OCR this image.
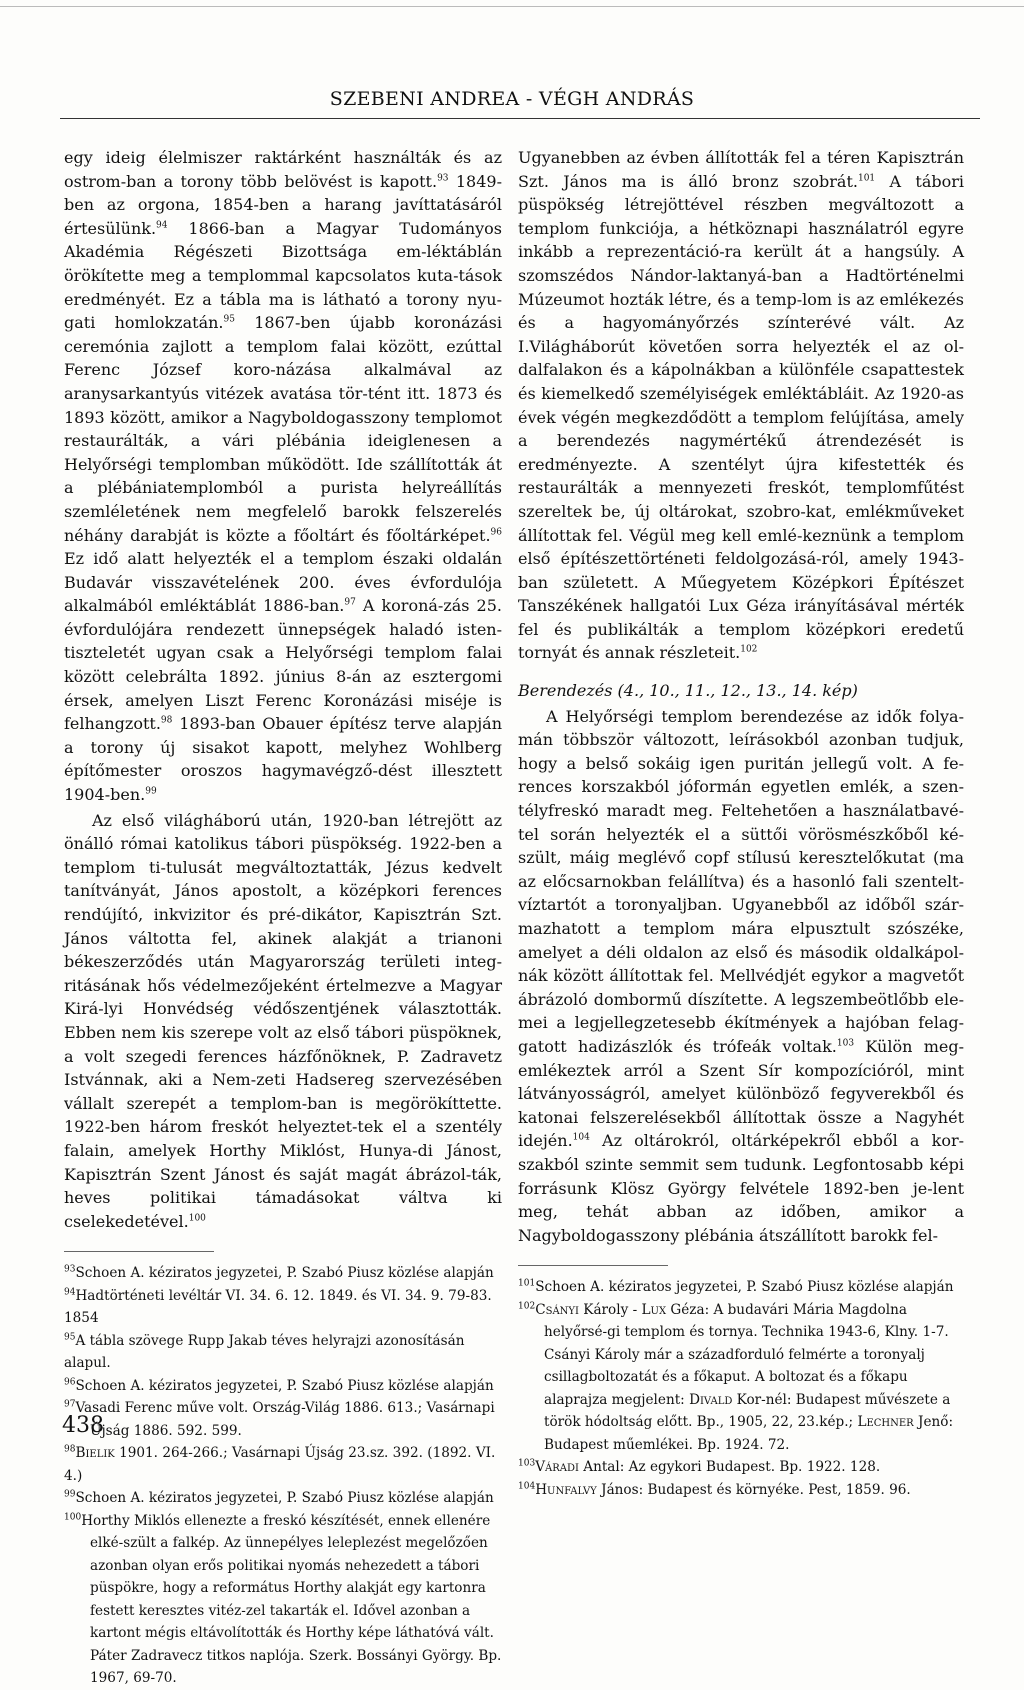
SZEBENI ANDREA - VÉGH ANDRÁS

egy ideig élelmiszer raktárként használták és az ostrom-ban a torony több belövést is kapott.$^{93}$ 1849-ben az orgona, 1854-ben a harang javíttatásáról értesülünk.$^{94}$ 1866-ban a Magyar Tudományos Akadémia Régészeti Bizottsága em-léktáblán örökítette meg a templommal kapcsolatos kuta-tások eredményét. Ez a tábla ma is látható a torony nyu-gati homlokzatán.$^{95}$ 1867-ben újabb koronázási ceremónia zajlott a templom falai között, ezúttal Ferenc József koro-názása alkalmával az aranysarkantyús vitézek avatása tör-tént itt. 1873 és 1893 között, amikor a Nagyboldogasszony templomot restaurálták, a vári plébánia ideiglenesen a Helyőrségi templomban működött. Ide szállították át a plébániatemplomból a purista helyreállítás szemléletének nem megfelelő barokk felszerelés néhány darabját is közte a főoltárt és főoltárképet.$^{96}$ Ez idő alatt helyezték el a templom északi oldalán Budavár visszavételének 200. éves évfordulója alkalmából emléktáblát 1886-ban.$^{97}$ A koroná-zás 25. évfordulójára rendezett ünnepségek haladó isten-tiszteletét ugyan csak a Helyőrségi templom falai között celebrálta 1892. június 8-án az esztergomi érsek, amelyen Liszt Ferenc Koronázási miséje is felhangzott.$^{98}$ 1893-ban Obauer építész terve alapján a torony új sisakot kapott, melyhez Wohlberg építőmester oroszos hagymavégző-dést illesztett 1904-ben.$^{99}$

Az első világháború után, 1920-ban létrejött az önálló római katolikus tábori püspökség. 1922-ben a templom ti-tulusát megváltoztatták, Jézus kedvelt tanítványát, János apostolt, a középkori ferences rendújító, inkvizitor és pré-dikátor, Kapisztrán Szt. János váltotta fel, akinek alakját a trianoni békeszerződés után Magyarország területi integ-ritásának hős védelmezőjeként értelmezve a Magyar Kirá-lyi Honvédség védőszentjének választották. Ebben nem kis szerepe volt az első tábori püspöknek, a volt szegedi ferences házfőnöknek, P. Zadravetz Istvánnak, aki a Nem-zeti Hadsereg szervezésében vállalt szerepét a templom-ban is megörökíttette. 1922-ben három freskót helyeztet-tek el a szentély falain, amelyek Horthy Miklóst, Hunya-di Jánost, Kapisztrán Szent Jánost és saját magát ábrázol-ták, heves politikai támadásokat váltva ki cselekedetével.$^{100}$

$^{93}$Schoen A. kéziratos jegyzetei, P. Szabó Piusz közlése alapján
$^{94}$Hadtörténeti levéltár VI. 34. 6. 12. 1849. és VI. 34. 9. 79-83. 1854
$^{95}$A tábla szövege Rupp Jakab téves helyrajzi azonosításán alapul.
$^{96}$Schoen A. kéziratos jegyzetei, P. Szabó Piusz közlése alapján
$^{97}$Vasadi Ferenc műve volt. Ország-Világ 1886. 613.; Vasárnapi Újság 1886. 592. 599.
$^{98}$Bielik 1901. 264-266.; Vasárnapi Újság 23.sz. 392. (1892. VI. 4.)
$^{99}$Schoen A. kéziratos jegyzetei, P. Szabó Piusz közlése alapján
$^{100}$Horthy Miklós ellenezte a freskó készítését, ennek ellenére elké-szült a falkép. Az ünnepélyes leleplezést megelőzően azonban olyan erős politikai nyomás nehezedett a tábori püspökre, hogy a református Horthy alakját egy kartonra festett keresztes vitéz-zel takarták el. Idővel azonban a kartont mégis eltávolították és Horthy képe láthatóvá vált. Páter Zadravecz titkos naplója. Szerk. Bossányi György. Bp. 1967, 69-70.

Ugyanebben az évben állították fel a téren Kapisztrán Szt. János ma is álló bronz szobrát.$^{101}$ A tábori püspökség létrejöttével részben megváltozott a templom funkciója, a hétköznapi használatról egyre inkább a reprezentáció-ra került át a hangsúly. A szomszédos Nándor-laktanyá-ban a Hadtörténelmi Múzeumot hozták létre, és a temp-lom is az emlékezés és a hagyományőrzés színterévé vált. Az I.Világháborút követően sorra helyezték el az ol-dalfalakon és a kápolnákban a különféle csapattestek és kiemelkedő személyiségek emléktábláit. Az 1920-as évek végén megkezdődött a templom felújítása, amely a berendezés nagymértékű átrendezését is eredményezte. A szentélyt újra kifestették és restaurálták a mennyezeti freskót, templomfűtést szereltek be, új oltárokat, szobro-kat, emlékműveket állítottak fel. Végül meg kell emlé-keznünk a templom első építészettörténeti feldolgozásá-ról, amely 1943-ban született. A Műegyetem Középkori Építészet Tanszékének hallgatói Lux Géza irányításával mérték fel és publikálták a templom középkori eredetű tornyát és annak részleteit.$^{102}$

Berendezés (4., 10., 11., 12., 13., 14. kép)

A Helyőrségi templom berendezése az idők folya-mán többször változott, leírásokból azonban tudjuk, hogy a belső sokáig igen puritán jellegű volt. A fe-rences korszakból jóformán egyetlen emlék, a szen-télyfreskó maradt meg. Feltehetően a használatbavé-tel során helyezték el a süttői vörösmészkőből ké-szült, máig meglévő copf stílusú keresztelőkutat (ma az előcsarnokban felállítva) és a hasonló fali szentelt-víztartót a toronyaljban. Ugyanebből az időből szár-mazhatott a templom mára elpusztult szószéke, amelyet a déli oldalon az első és második oldalkápol-nák között állítottak fel. Mellvédjét egykor a magvetőt ábrázoló dombormű díszítette. A legszembeötlőbb ele-mei a legjellegzetesebb ékítmények a hajóban felag-gatott hadizászlók és trófeák voltak.$^{103}$ Külön meg-emlékeztek arról a Szent Sír kompozícióról, mint látványosságról, amelyet különböző fegyverekből és katonai felszerelésekből állítottak össze a Nagyhét idején.$^{104}$ Az oltárokról, oltárképekről ebből a kor-szakból szinte semmit sem tudunk. Legfontosabb képi forrásunk Klösz György felvétele 1892-ben je-lent meg, tehát abban az időben, amikor a Nagyboldogasszony plébánia átszállított barokk fel-

$^{101}$Schoen A. kéziratos jegyzetei, P. Szabó Piusz közlése alapján
$^{102}$Csányi Károly - Lux Géza: A budavári Mária Magdolna helyőrsé-gi templom és tornya. Technika 1943-6, Klny. 1-7. Csányi Károly már a századforduló felmérte a toronyalj csillagboltozatát és a főkaput. A boltozat és a főkapu alaprajza megjelent: Divald Kor-nél: Budapest művészete a török hódoltság előtt. Bp., 1905, 22, 23.kép.; Lechner Jenő: Budapest műemlékei. Bp. 1924. 72.
$^{103}$Váradi Antal: Az egykori Budapest. Bp. 1922. 128.
$^{104}$Hunfalvy János: Budapest és környéke. Pest, 1859. 96.
438
